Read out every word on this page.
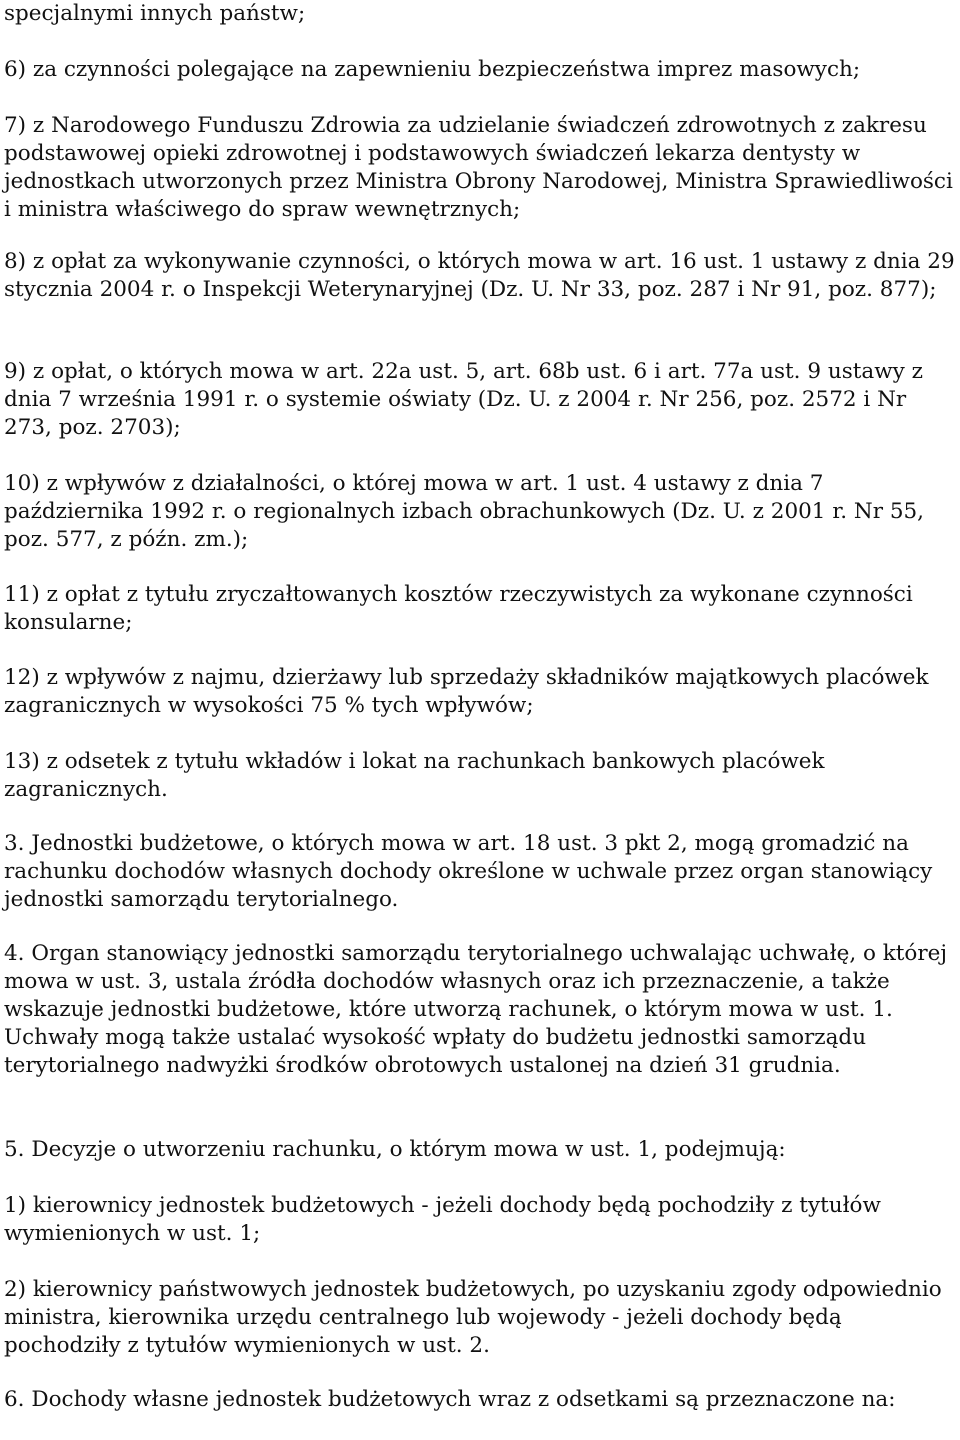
specjalnymi innych państw;

6) za czynności polegające na zapewnieniu bezpieczeństwa imprez masowych;

7) z Narodowego Funduszu Zdrowia za udzielanie świadczeń zdrowotnych z zakresu podstawowej opieki zdrowotnej i podstawowych świadczeń lekarza dentysty w jednostkach utworzonych przez Ministra Obrony Narodowej, Ministra Sprawiedliwości i ministra właściwego do spraw wewnętrznych;

8) z opłat za wykonywanie czynności, o których mowa w art. 16 ust. 1 ustawy z dnia 29 stycznia 2004 r. o Inspekcji Weterynaryjnej (Dz. U. Nr 33, poz. 287 i Nr 91, poz. 877);

9) z opłat, o których mowa w art. 22a ust. 5, art. 68b ust. 6 i art. 77a ust. 9 ustawy z dnia 7 września 1991 r. o systemie oświaty (Dz. U. z 2004 r. Nr 256, poz. 2572 i Nr 273, poz. 2703);

10) z wpływów z działalności, o której mowa w art. 1 ust. 4 ustawy z dnia 7 października 1992 r. o regionalnych izbach obrachunkowych (Dz. U. z 2001 r. Nr 55, poz. 577, z późn. zm.);

11) z opłat z tytułu zryczałtowanych kosztów rzeczywistych za wykonane czynności konsularne;

12) z wpływów z najmu, dzierżawy lub sprzedaży składników majątkowych placówek zagranicznych w wysokości 75 % tych wpływów;

13) z odsetek z tytułu wkładów i lokat na rachunkach bankowych placówek zagranicznych.

3. Jednostki budżetowe, o których mowa w art. 18 ust. 3 pkt 2, mogą gromadzić na rachunku dochodów własnych dochody określone w uchwale przez organ stanowiący jednostki samorządu terytorialnego.

4. Organ stanowiący jednostki samorządu terytorialnego uchwalając uchwałę, o której mowa w ust. 3, ustala źródła dochodów własnych oraz ich przeznaczenie, a także wskazuje jednostki budżetowe, które utworzą rachunek, o którym mowa w ust. 1. Uchwały mogą także ustalać wysokość wpłaty do budżetu jednostki samorządu terytorialnego nadwyżki środków obrotowych ustalonej na dzień 31 grudnia.

5. Decyzje o utworzeniu rachunku, o którym mowa w ust. 1, podejmują:

1) kierownicy jednostek budżetowych - jeżeli dochody będą pochodziły z tytułów wymienionych w ust. 1;

2) kierownicy państwowych jednostek budżetowych, po uzyskaniu zgody odpowiednio ministra, kierownika urzędu centralnego lub wojewody - jeżeli dochody będą pochodziły z tytułów wymienionych w ust. 2.

6. Dochody własne jednostek budżetowych wraz z odsetkami są przeznaczone na:
